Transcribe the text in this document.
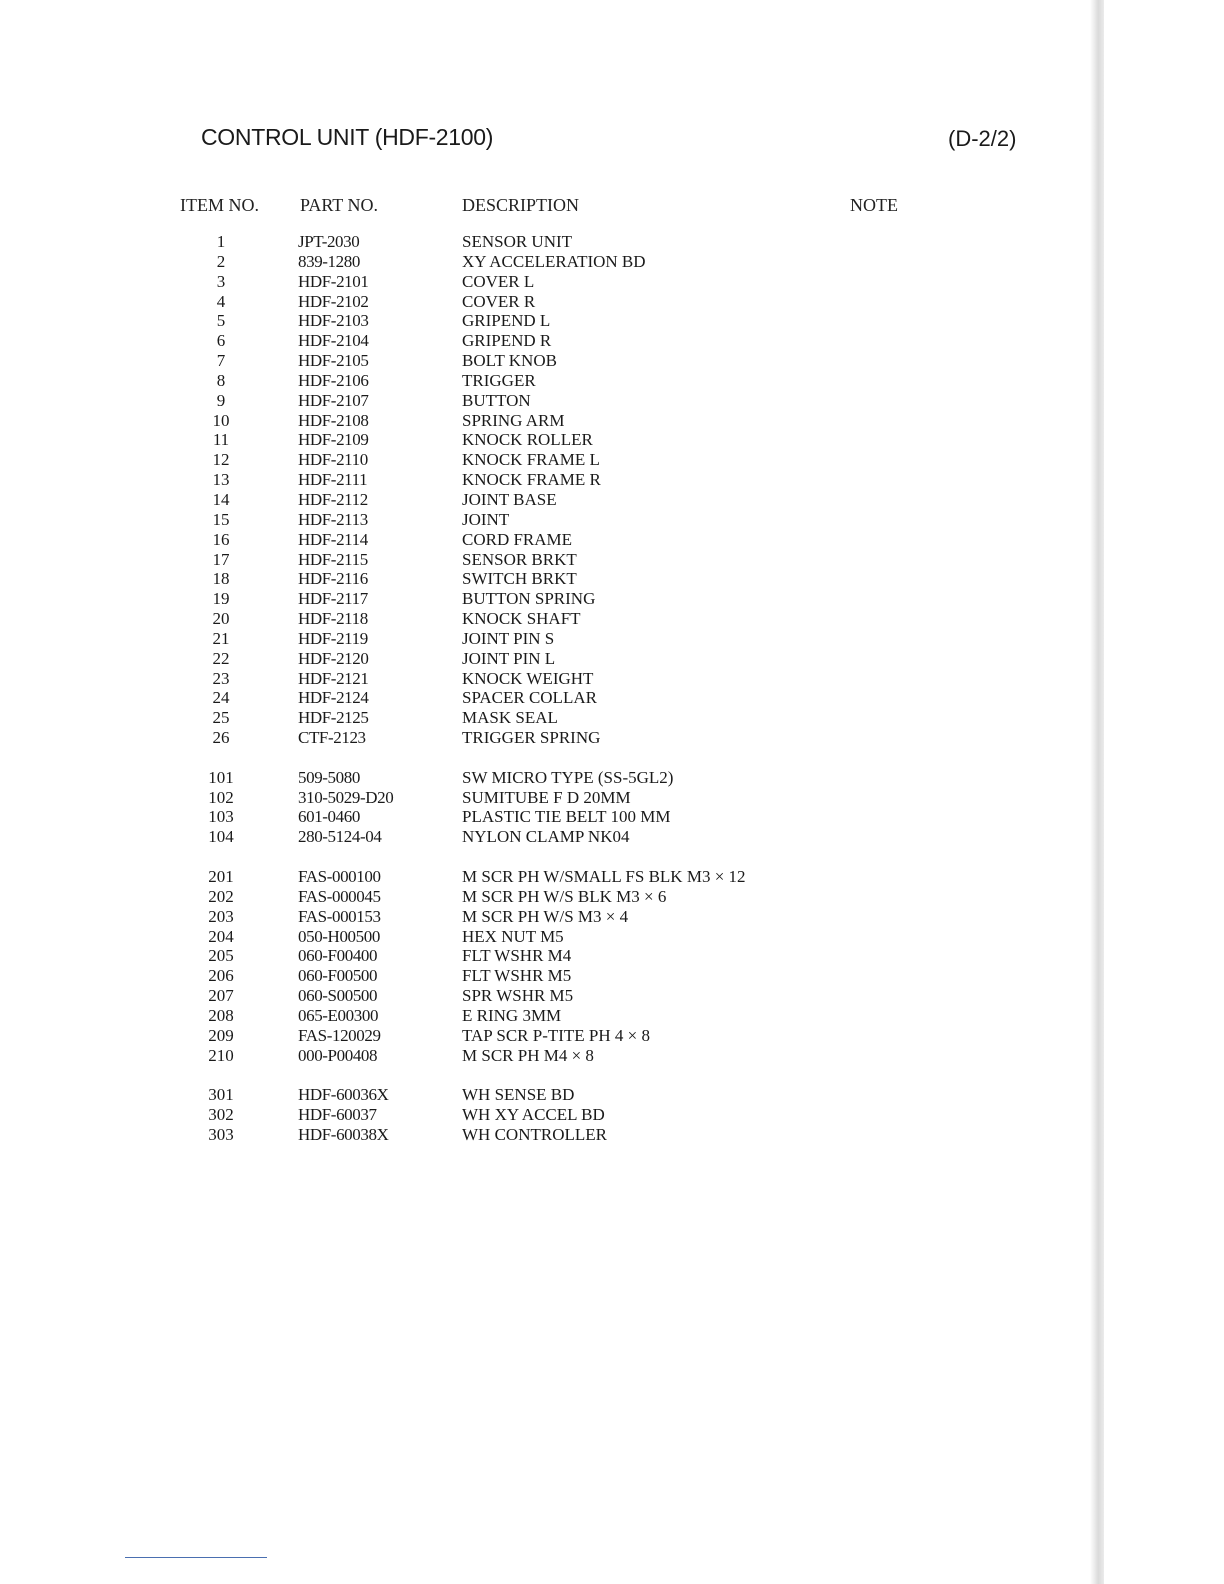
CONTROL UNIT (HDF-2100)	(D-2/2)
ITEM NO. PART NO.	DESCRIPTION	NOTE
1	JPT-2030	SENSOR UNIT
2	839-1280	XY ACCELERATION BD
3	HDF-2101	COVER L
4	HDF-2102	COVER R
5	HDF-2103	GRIPEND L
6	HDF-2104	GRIPEND R
7	HDF-2105	BOLT KNOB
8	HDF-2106	TRIGGER
9	HDF-2107	BUTTON
10	HDF-2108	SPRING ARM
11	HDF-2109	KNOCK ROLLER
12	HDF-2110	KNOCK FRAME L
13	HDF-2111	KNOCK FRAME R
14	HDF-2112	JOINT BASE
15	HDF-2113	JOINT
16	HDF-2114	CORD FRAME
17	HDF-2115	SENSOR BRKT
18	HDF-2116	SWITCH BRKT
19	HDF-2117	BUTTON SPRING
20	HDF-2118	KNOCK SHAFT
21	HDF-2119	JOINT PIN S
22	HDF-2120	JOINT PIN L
23	HDF-2121	KNOCK WEIGHT
24	HDF-2124	SPACER COLLAR
25	HDF-2125	MASK SEAL
26	CTF-2123	TRIGGER SPRING
101	509-5080	SW MICRO TYPE (SS-5GL2)
102	310-5029-D20	SUMITUBE F D 20MM
103	601-0460	PLASTIC TIE BELT 100 MM
104	280-5124-04	NYLON CLAMP NK04
201	FAS-000100	M SCR PH W/SMALL FS BLK M3 × 12
202	FAS-000045	M SCR PH W/S BLK M3 × 6
203	FAS-000153	M SCR PH W/S M3 × 4
204	050-H00500	HEX NUT M5
205	060-F00400	FLT WSHR M4
206	060-F00500	FLT WSHR M5
207	060-S00500	SPR WSHR M5
208	065-E00300	E RING 3MM
209	FAS-120029	TAP SCR P-TITE PH 4 × 8
210	000-P00408	M SCR PH M4 × 8
301	HDF-60036X	WH SENSE BD
302	HDF-60037	WH XY ACCEL BD
303	HDF-60038X	WH CONTROLLER
